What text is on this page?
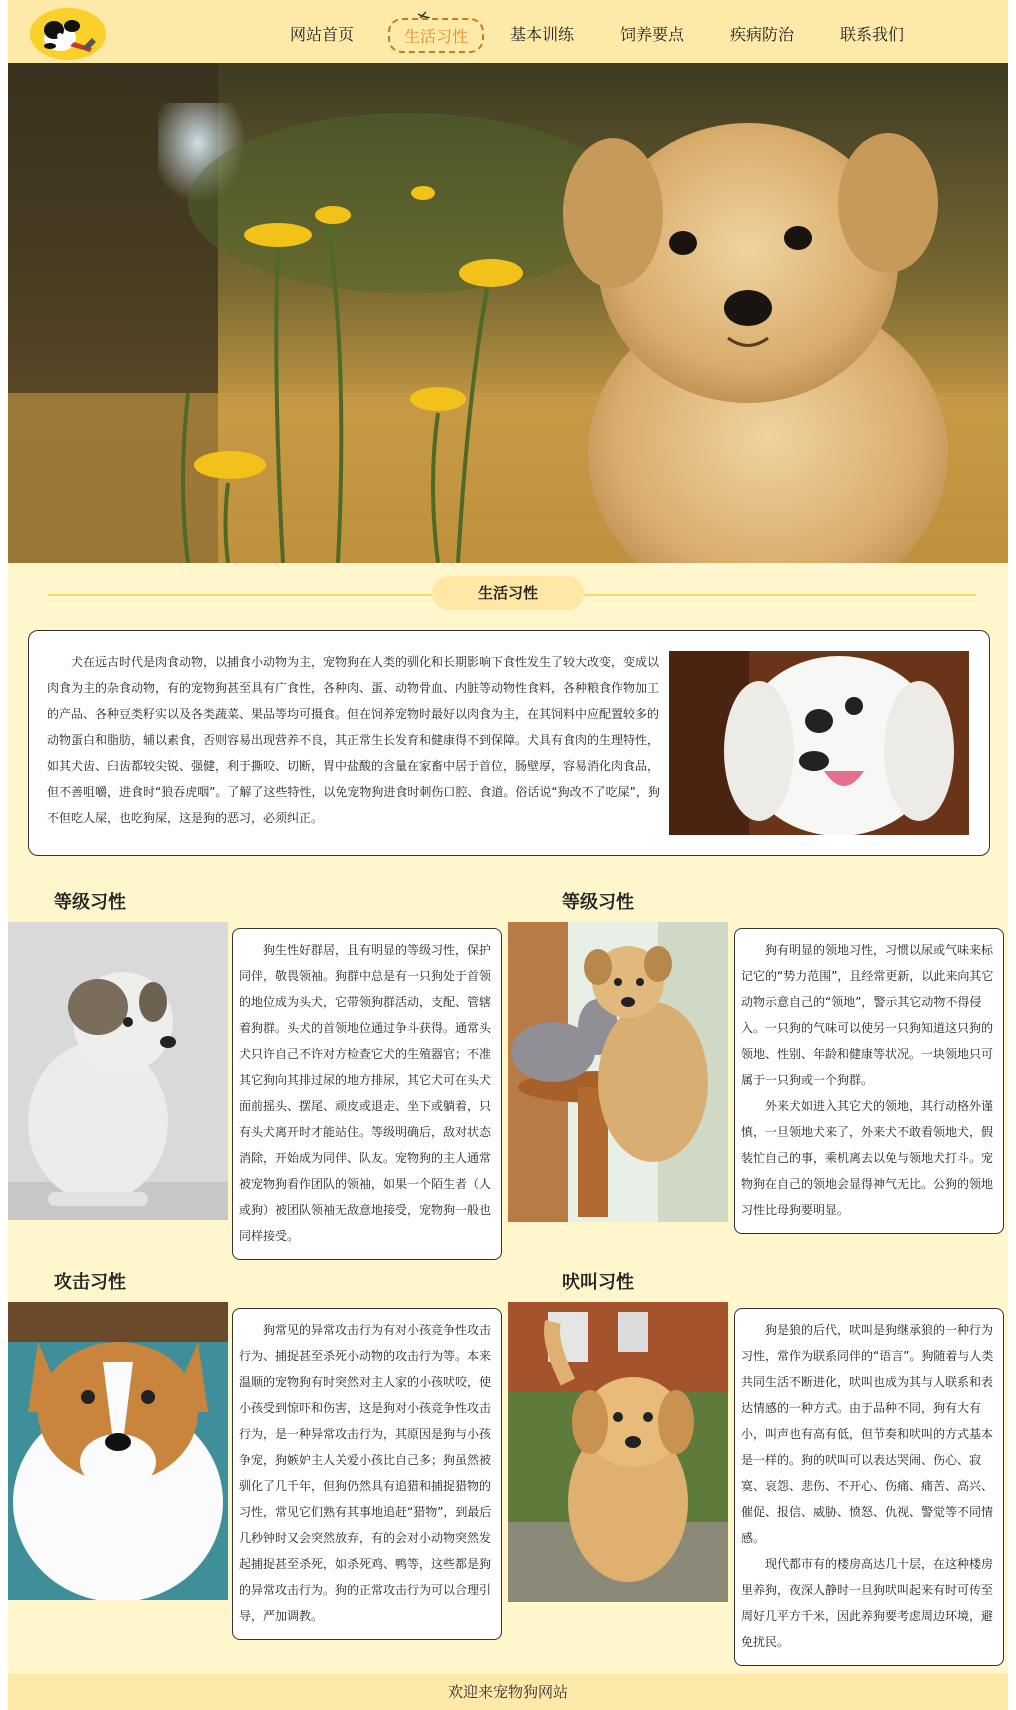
网站首页	生活习性	基本训练	饲养要点	疾病防治	联系我们
生活习性

犬在远古时代是肉食动物，以捕食小动物为主，宠物狗在人类的驯化和长期影响下食性发生了较大改变，变成以肉食为主的杂食动物，有的宠物狗甚至具有广食性，各种肉、蛋、动物骨血、内脏等动物性食料，各种粮食作物加工的产品、各种豆类籽实以及各类蔬菜、果品等均可摄食。但在饲养宠物时最好以肉食为主，在其饲料中应配置较多的动物蛋白和脂肪，辅以素食，否则容易出现营养不良，其正常生长发育和健康得不到保障。犬具有食肉的生理特性，如其犬齿、臼齿都较尖锐、强健，利于撕咬、切断，胃中盐酸的含量在家畜中居于首位，肠壁厚，容易消化肉食品，但不善咀嚼，进食时“狼吞虎咽”。了解了这些特性，以免宠物狗进食时刺伤口腔、食道。俗话说“狗改不了吃屎”，狗不但吃人屎，也吃狗屎，这是狗的恶习，必须纠正。

等级习性

狗生性好群居，且有明显的等级习性，保护同伴，敬畏领袖。狗群中总是有一只狗处于首领的地位成为头犬，它带领狗群活动，支配、管辖着狗群。头犬的首领地位通过争斗获得。通常头犬只许自己不许对方检查它犬的生殖器官；不准其它狗向其排过尿的地方排尿，其它犬可在头犬面前摇头、摆尾、顽皮或退走、坐下或躺着，只有头犬离开时才能站住。等级明确后，敌对状态消除，开始成为同伴、队友。宠物狗的主人通常被宠物狗看作团队的领袖，如果一个陌生者（人或狗）被团队领袖无敌意地接受，宠物狗一般也同样接受。

等级习性

狗有明显的领地习性，习惯以尿或气味来标记它的“势力范围”，且经常更新，以此来向其它动物示意自己的“领地”，警示其它动物不得侵入。一只狗的气味可以使另一只狗知道这只狗的领地、性别、年龄和健康等状况。一块领地只可属于一只狗或一个狗群。

外来犬如进入其它犬的领地，其行动格外谨慎，一旦领地犬来了，外来犬不敢看领地犬，假装忙自己的事，乘机离去以免与领地犬打斗。宠物狗在自己的领地会显得神气无比。公狗的领地习性比母狗要明显。

攻击习性

狗常见的异常攻击行为有对小孩竞争性攻击行为、捕捉甚至杀死小动物的攻击行为等。本来温顺的宠物狗有时突然对主人家的小孩吠咬，使小孩受到惊吓和伤害，这是狗对小孩竞争性攻击行为，是一种异常攻击行为，其原因是狗与小孩争宠，狗嫉妒主人关爱小孩比自己多；狗虽然被驯化了几千年，但狗仍然具有追猎和捕捉猎物的习性，常见它们熟有其事地追赶“猎物”，到最后几秒钟时又会突然放弃，有的会对小动物突然发起捕捉甚至杀死，如杀死鸡、鸭等，这些都是狗的异常攻击行为。狗的正常攻击行为可以合理引导，严加调教。

吠叫习性

狗是狼的后代，吠叫是狗继承狼的一种行为习性，常作为联系同伴的“语言”。狗随着与人类共同生活不断进化，吠叫也成为其与人联系和表达情感的一种方式。由于品种不同，狗有大有小，叫声也有高有低，但节奏和吠叫的方式基本是一样的。狗的吠叫可以表达哭闹、伤心、寂寞、哀怨、悲伤、不开心、伤痛、痛苦、高兴、催促、报信、威胁、愤怒、仇视、警觉等不同情感。

现代都市有的楼房高达几十层，在这种楼房里养狗，夜深人静时一旦狗吠叫起来有时可传至周好几平方千米，因此养狗要考虑周边环境，避免扰民。

欢迎来宠物狗网站
